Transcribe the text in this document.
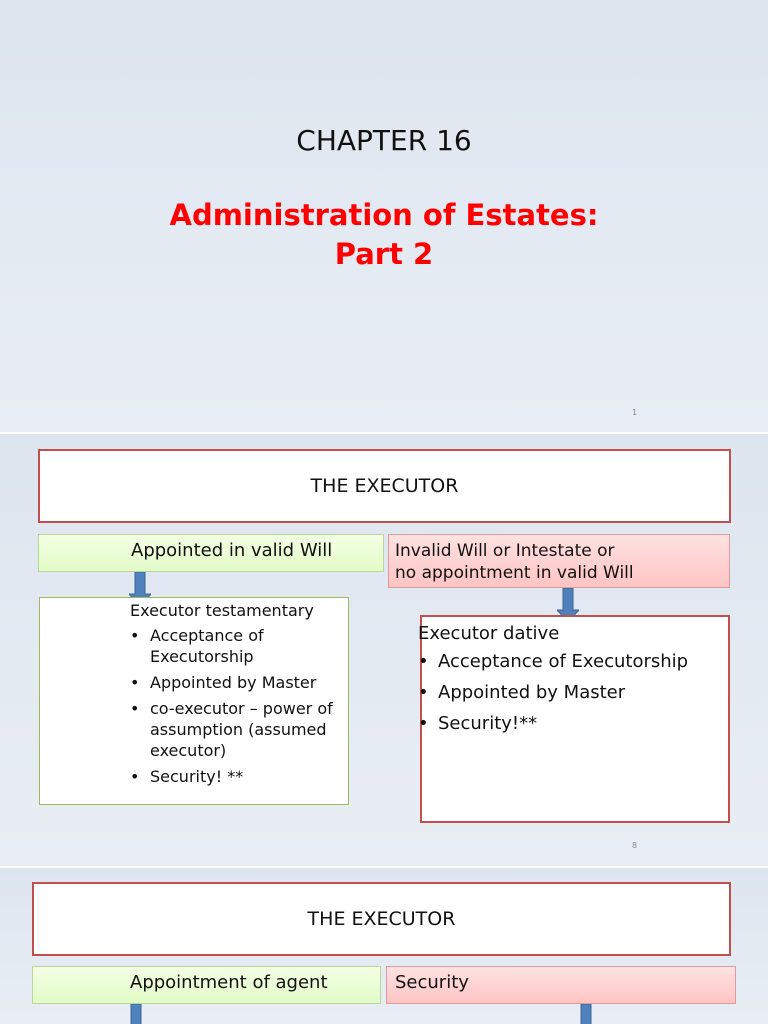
CHAPTER 16
Administration of Estates:
Part 2
1
THE EXECUTOR
Appointed in valid Will	Invalid Will or Intestate or
no appointment in valid Will
Executor testamentary
• Acceptance of Executorship
• Appointed by Master
• co-executor – power of assumption (assumed executor)
• Security! **
Executor dative
• Acceptance of Executorship
• Appointed by Master
• Security!**
8
THE EXECUTOR
Appointment of agent	Security
